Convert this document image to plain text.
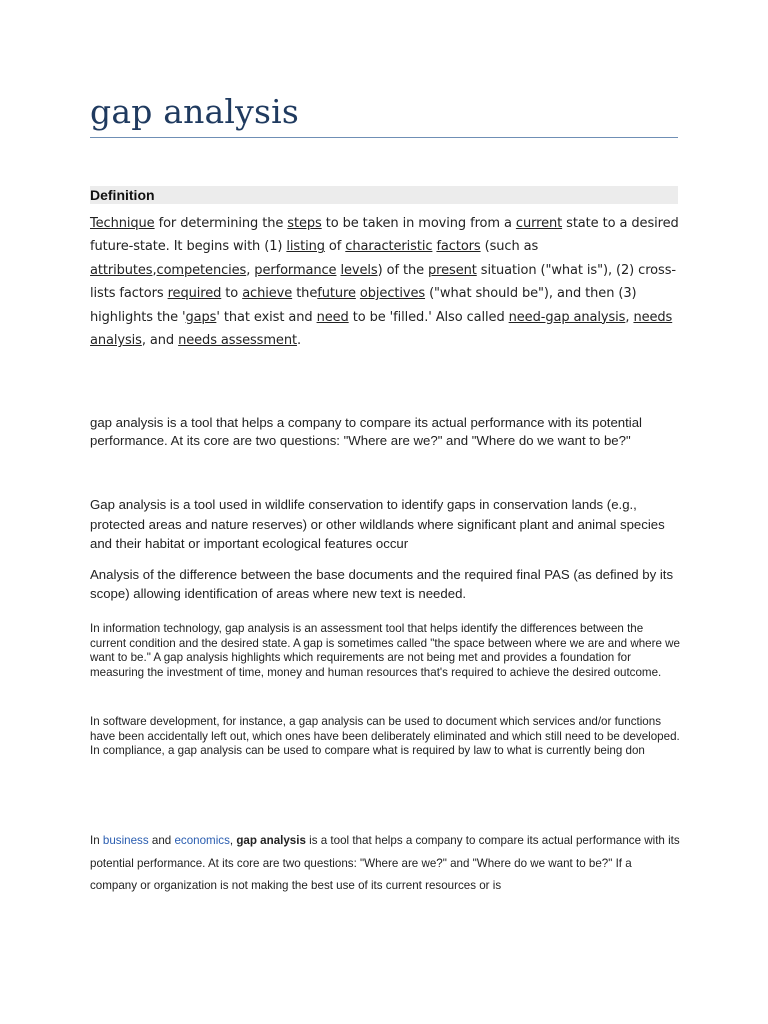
gap analysis
Definition

Technique for determining the steps to be taken in moving from a current state to a desired future-state. It begins with (1) listing of characteristic factors (such as attributes,competencies, performance levels) of the present situation ("what is"), (2) cross-lists factors required to achieve thefuture objectives ("what should be"), and then (3) highlights the 'gaps' that exist and need to be 'filled.' Also called need-gap analysis, needs analysis, and needs assessment.

gap analysis is a tool that helps a company to compare its actual performance with its potential performance. At its core are two questions: "Where are we?" and "Where do we want to be?"

Gap analysis is a tool used in wildlife conservation to identify gaps in conservation lands (e.g., protected areas and nature reserves) or other wildlands where significant plant and animal species and their habitat or important ecological features occur

Analysis of the difference between the base documents and the required final PAS (as defined by its scope) allowing identification of areas where new text is needed.

In information technology, gap analysis is an assessment tool that helps identify the differences between the current condition and the desired state. A gap is sometimes called "the space between where we are and where we want to be." A gap analysis highlights which requirements are not being met and provides a foundation for measuring the investment of time, money and human resources that's required to achieve the desired outcome.

In software development, for instance, a gap analysis can be used to document which services and/or functions have been accidentally left out, which ones have been deliberately eliminated and which still need to be developed. In compliance, a gap analysis can be used to compare what is required by law to what is currently being don

In business and economics, gap analysis is a tool that helps a company to compare its actual performance with its potential performance. At its core are two questions: "Where are we?" and "Where do we want to be?" If a company or organization is not making the best use of its current resources or is
